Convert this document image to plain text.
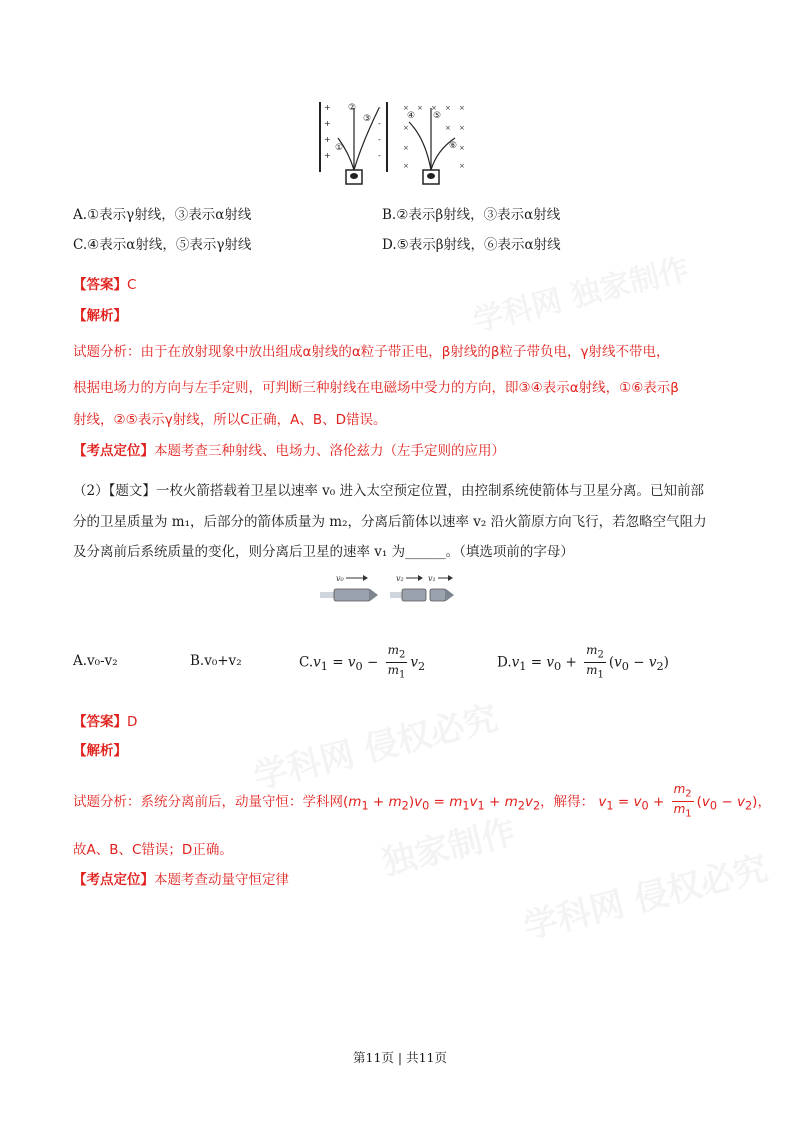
学科网 独家制作
学科网 侵权必究
独家制作
学科网 侵权必究
+
+
+
+
-
-
-
-
× × × × ×
×	× ×
×	×
×	×
②
③
①
④ ⑤
⑥
A.①表示γ射线，③表示α射线	B.②表示β射线，③表示α射线
C.④表示α射线，⑤表示γ射线	D.⑤表示β射线，⑥表示α射线
【答案】C
【解析】
试题分析：由于在放射现象中放出组成α射线的α粒子带正电，β射线的β粒子带负电，γ射线不带电，
根据电场力的方向与左手定则，可判断三种射线在电磁场中受力的方向，即③④表示α射线，①⑥表示β
射线，②⑤表示γ射线，所以C正确，A、B、D错误。
【考点定位】本题考查三种射线、电场力、洛伦兹力（左手定则的应用）
（2）【题文】一枚火箭搭载着卫星以速率 v₀ 进入太空预定位置，由控制系统使箭体与卫星分离。已知前部
分的卫星质量为 m₁，后部分的箭体质量为 m₂，分离后箭体以速率 v₂ 沿火箭原方向飞行，若忽略空气阻力
及分离前后系统质量的变化，则分离后卫星的速率 v₁ 为______。（填选项前的字母）
v₀	v₂	v₁
A.v₀-v₂	B.v₀+v₂	$C.v_1 = v_0 - \frac{m_2}{m_1} v_2$	$D.v_1 = v_0 + \frac{m_2}{m_1} (v_0 - v_2)$
【答案】D
【解析】
试题分析：系统分离前后，动量守恒：学科网$(m_1 + m_2)v_0 = m_1v_1 + m_2v_2$，解得： $v_1 = v_0 + \frac{m_2}{m_1} (v_0 - v_2)$，
故A、B、C错误；D正确。
【考点定位】本题考查动量守恒定律
第11页 | 共11页
